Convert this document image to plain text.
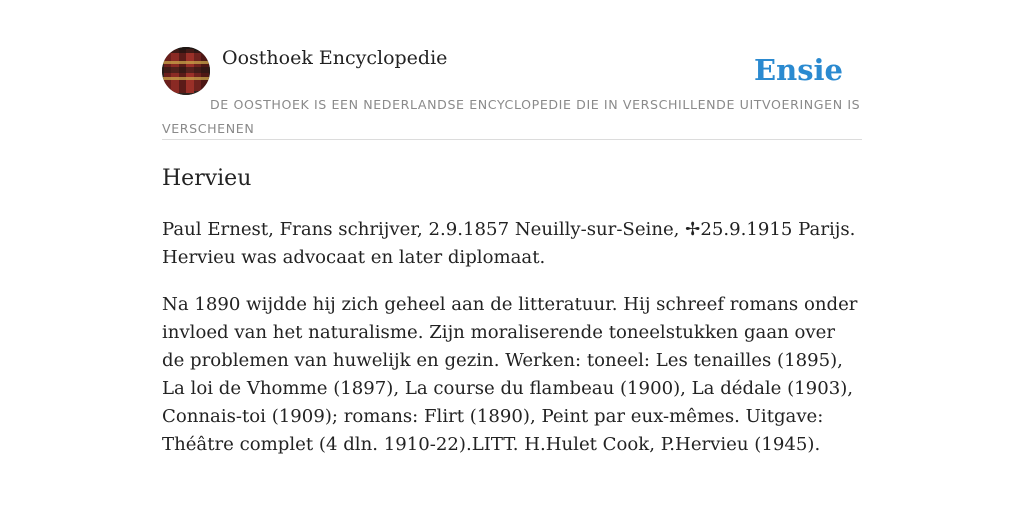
Oosthoek Encyclopedie	Ensie
DE OOSTHOEK IS EEN NEDERLANDSE ENCYCLOPEDIE DIE IN VERSCHILLENDE UITVOERINGEN IS VERSCHENEN
Hervieu

Paul Ernest, Frans schrijver, 2.9.1857 Neuilly-sur-Seine, ✢25.9.1915 Parijs. Hervieu was advocaat en later diplomaat.

Na 1890 wijdde hij zich geheel aan de litteratuur. Hij schreef romans onder invloed van het naturalisme. Zijn moraliserende toneelstukken gaan over de problemen van huwelijk en gezin. Werken: toneel: Les tenailles (1895), La loi de Vhomme (1897), La course du flambeau (1900), La dédale (1903), Connais-toi (1909); romans: Flirt (1890), Peint par eux-mêmes. Uitgave: Théâtre complet (4 dln. 1910-22).LITT. H.Hulet Cook, P.Hervieu (1945).
